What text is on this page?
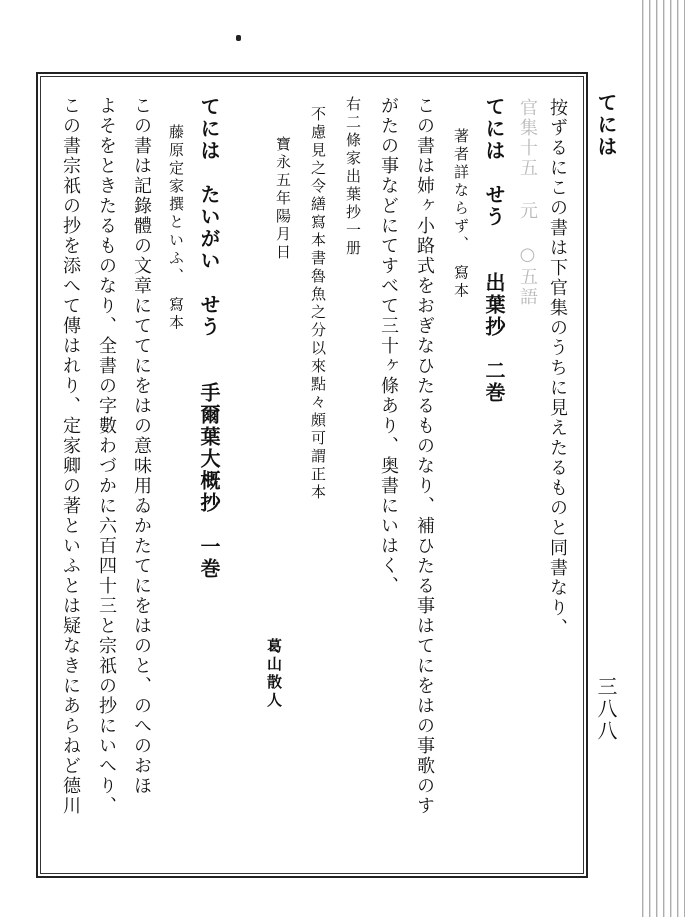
てには
三八八
按ずるにこの書は下官集のうちに見えたるものと同書なり、
官集十五 元 ○五語
てには　せう　　出葉抄　二巻
　著者詳ならず、　寫本
この書は姉ヶ小路式をおぎなひたるものなり、補ひたる事はてにをはの事歌のす
がたの事などにてすべて三十ヶ條あり、奥書にいはく、
右二條家出葉抄一册
不慮見之令繕寫本書魯魚之分以來點々頗可謂正本
　寶永五年陽月日
葛山散人
てには　たいがい　せう　　手爾葉大概抄　一巻
　藤原定家撰といふ、　寫本
この書は記錄體の文章にててにをはの意味用ゐかたてにをはのと、のへのおほ
よそをときたるものなり、全書の字數わづかに六百四十三と宗祇の抄にいへり、
この書宗祇の抄を添へて傳はれり、定家卿の著といふとは疑なきにあらねど德川
